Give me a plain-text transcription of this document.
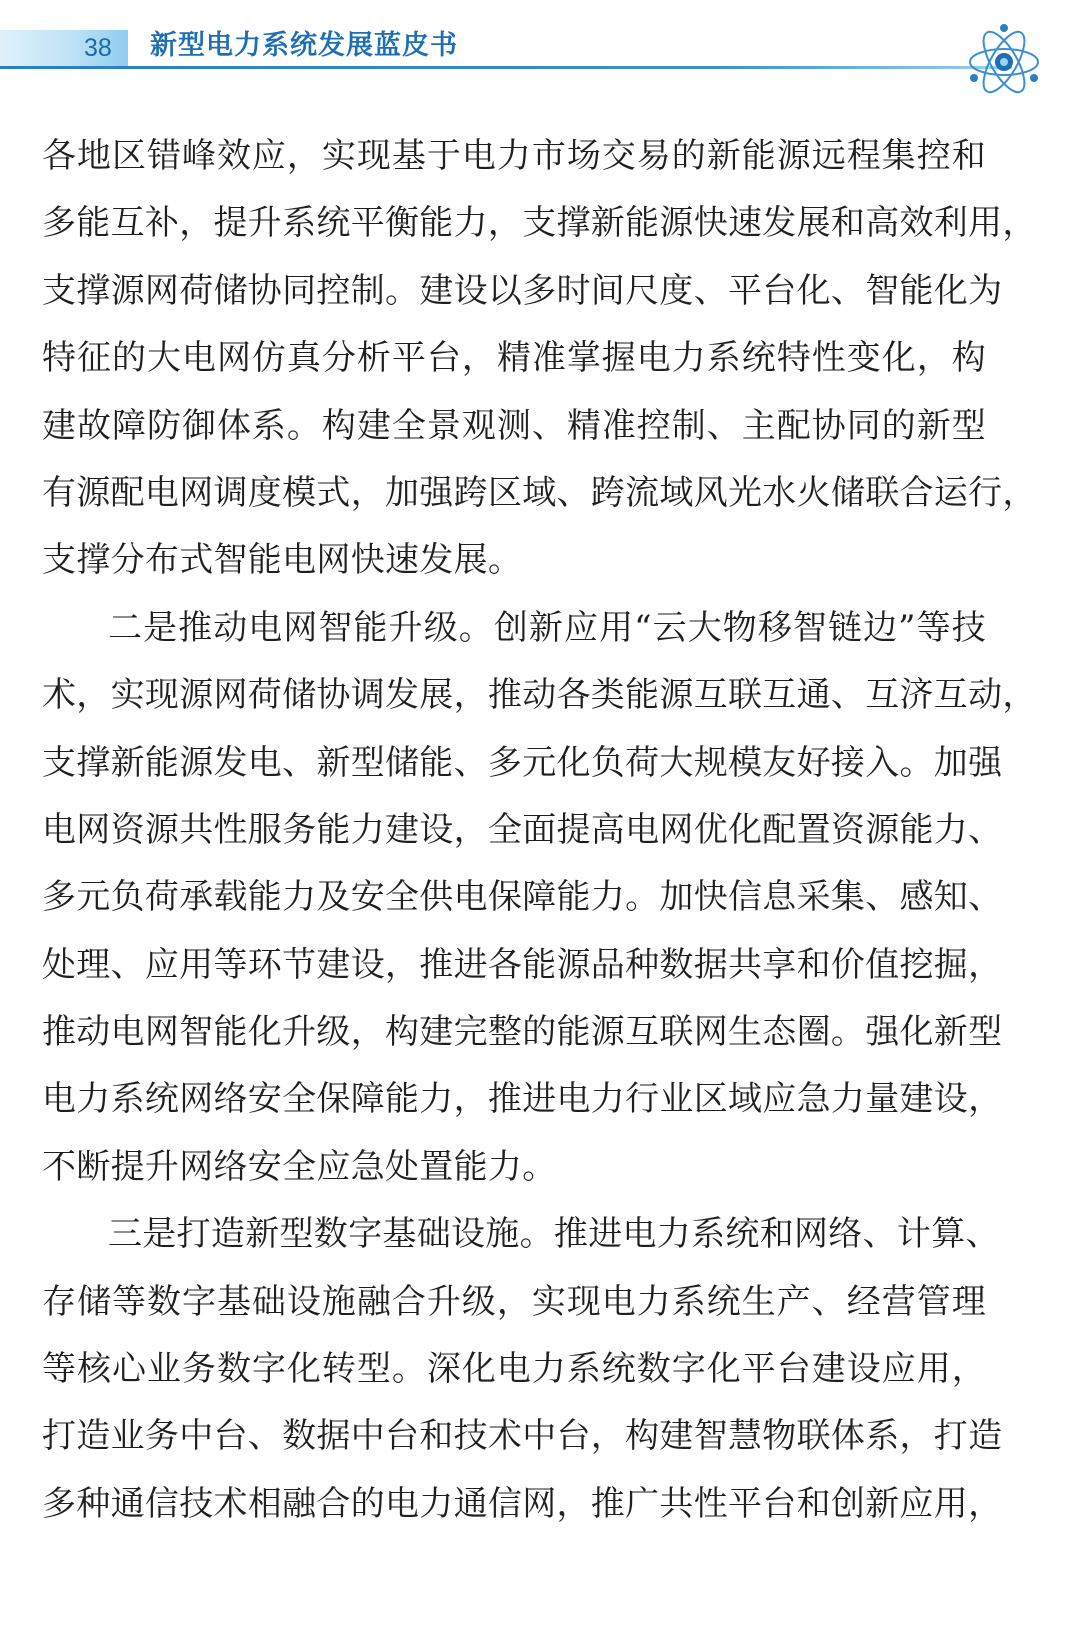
38	新型电力系统发展蓝皮书
各地区错峰效应，实现基于电力市场交易的新能源远程集控和
多能互补，提升系统平衡能力，支撑新能源快速发展和高效利用，
支撑源网荷储协同控制。建设以多时间尺度、平台化、智能化为
特征的大电网仿真分析平台，精准掌握电力系统特性变化，构
建故障防御体系。构建全景观测、精准控制、主配协同的新型
有源配电网调度模式，加强跨区域、跨流域风光水火储联合运行，
支撑分布式智能电网快速发展。
二是推动电网智能升级。创新应用“云大物移智链边”等技
术，实现源网荷储协调发展，推动各类能源互联互通、互济互动，
支撑新能源发电、新型储能、多元化负荷大规模友好接入。加强
电网资源共性服务能力建设，全面提高电网优化配置资源能力、
多元负荷承载能力及安全供电保障能力。加快信息采集、感知、
处理、应用等环节建设，推进各能源品种数据共享和价值挖掘，
推动电网智能化升级，构建完整的能源互联网生态圈。强化新型
电力系统网络安全保障能力，推进电力行业区域应急力量建设，
不断提升网络安全应急处置能力。
三是打造新型数字基础设施。推进电力系统和网络、计算、
存储等数字基础设施融合升级，实现电力系统生产、经营管理
等核心业务数字化转型。深化电力系统数字化平台建设应用，
打造业务中台、数据中台和技术中台，构建智慧物联体系，打造
多种通信技术相融合的电力通信网，推广共性平台和创新应用，
